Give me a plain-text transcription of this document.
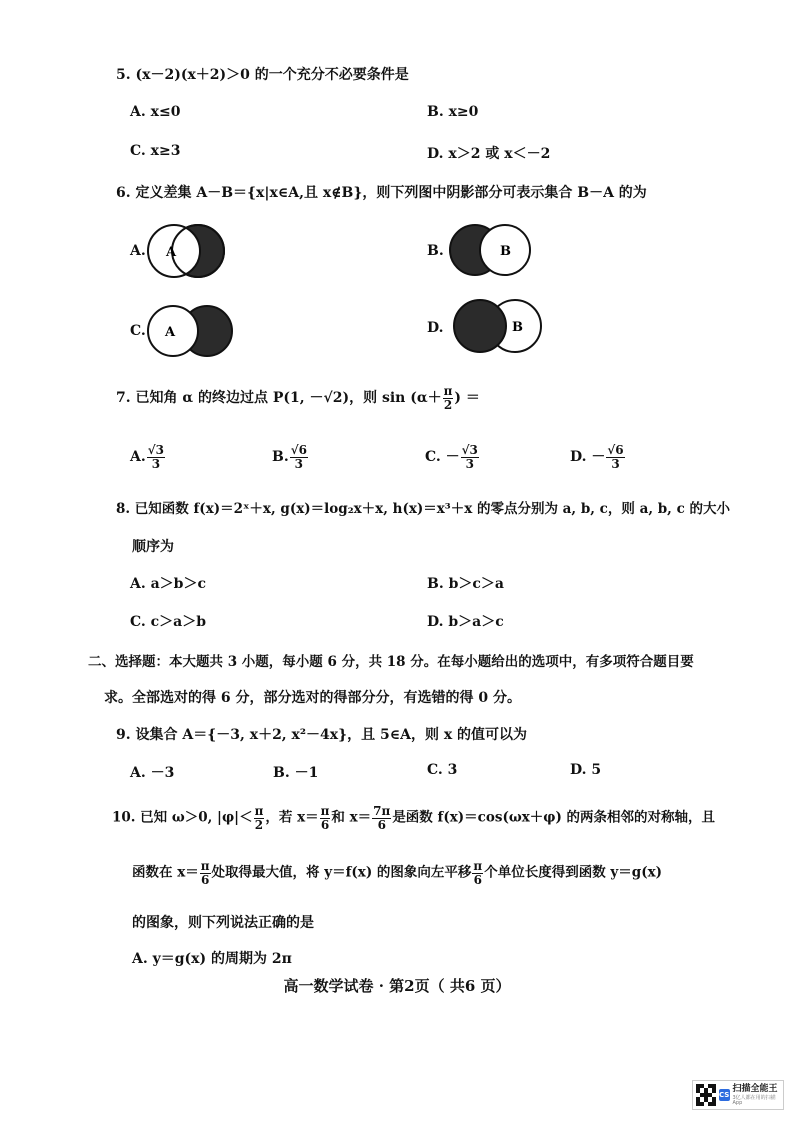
5. (x－2)(x＋2)＞0 的一个充分不必要条件是
A. x≤0	B. x≥0
C. x≥3	D. x＞2 或 x＜－2
6. 定义差集 A－B＝{x|x∈A,且 x∉B}，则下列图中阴影部分可表示集合 B－A 的为
A. A	B.	B
C. A	D.	B
7. 已知角 α 的终边过点 P(1, －√2)，则 $\sin (\alpha+ \frac{\pi}{2}$ ) ＝
A. $\frac{√3}{3}$	B. $\frac{√6}{3}$	C. － $\frac{√3}{3}$	D. － $\frac{√6}{3}$
8. 已知函数 f(x)＝2ˣ＋x, g(x)＝log₂x＋x, h(x)＝x³＋x 的零点分别为 a, b, c，则 a, b, c 的大小
顺序为
A. a＞b＞c	B. b＞c＞a
C. c＞a＞b	D. b＞a＞c
二、选择题：本大题共 3 小题，每小题 6 分，共 18 分。在每小题给出的选项中，有多项符合题目要
求。全部选对的得 6 分，部分选对的得部分分，有选错的得 0 分。
9. 设集合 A＝{－3, x＋2, x²－4x}，且 5∈A，则 x 的值可以为
A. －3	B. －1	C. 3	D. 5
10. 已知 ω＞0, $|\varphi|< \frac{\pi}{2}$ ，若 $x= \frac{\pi}{6}$ 和 $x= \frac{7\pi}{6}$ 是函数 f(x)＝cos(ωx＋φ) 的两条相邻的对称轴，且
函数在 $x= \frac{\pi}{6}$ 处取得最大值，将 y＝f(x) 的图象向左平移 $\frac{\pi}{6}$ 个单位长度得到函数 y＝g(x)
的图象，则下列说法正确的是
A. y＝g(x) 的周期为 2π
高一数学试卷 · 第2页（ 共6 页）
CS
扫描全能王
3亿人都在用的扫描App
